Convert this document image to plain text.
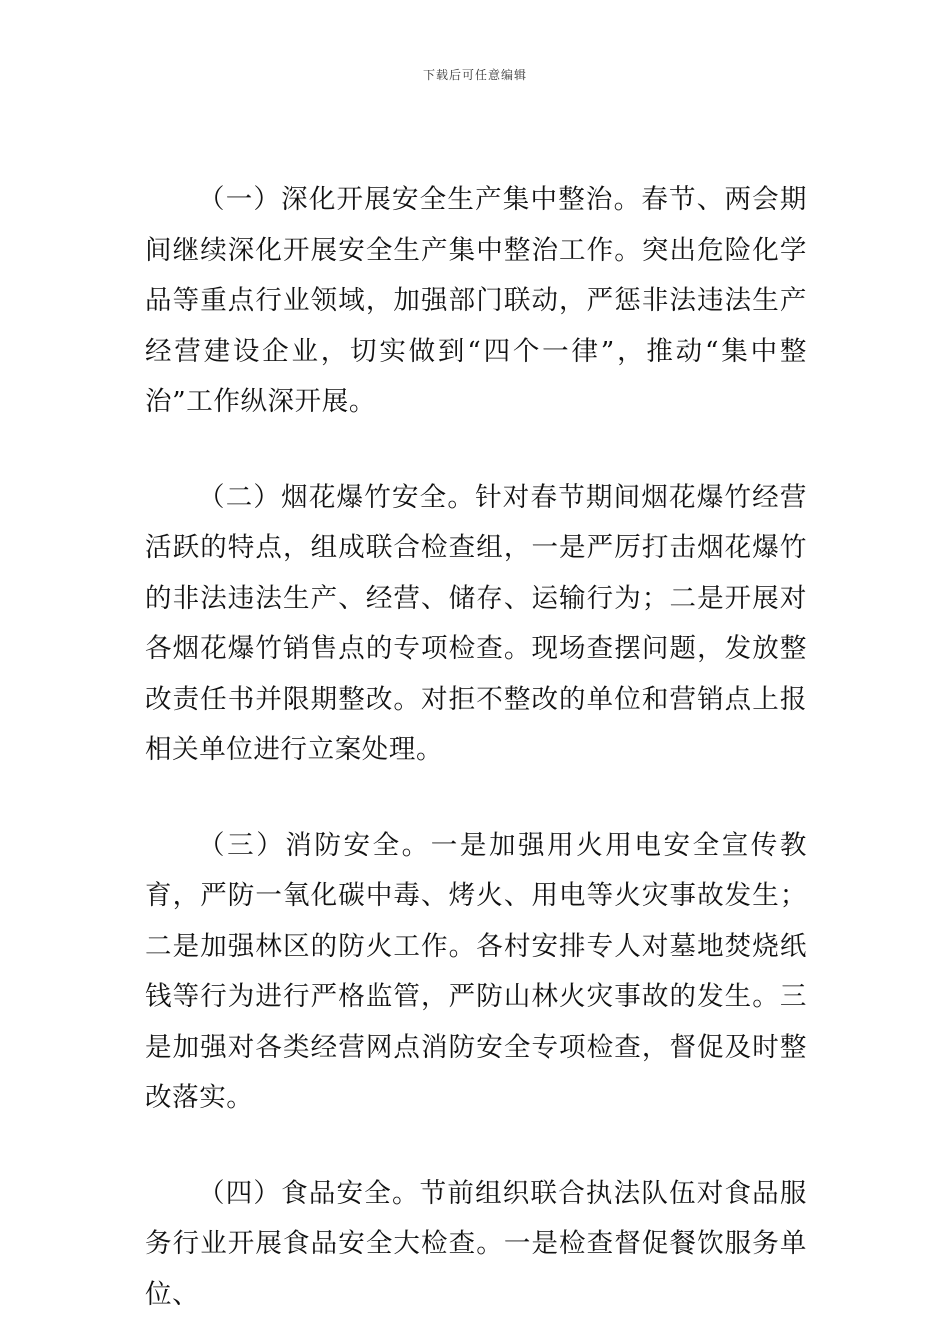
下载后可任意编辑

（一）深化开展安全生产集中整治。春节、两会期间继续深化开展安全生产集中整治工作。突出危险化学品等重点行业领域，加强部门联动，严惩非法违法生产经营建设企业，切实做到“四个一律”，推动“集中整治”工作纵深开展。

（二）烟花爆竹安全。针对春节期间烟花爆竹经营活跃的特点，组成联合检查组，一是严厉打击烟花爆竹的非法违法生产、经营、储存、运输行为；二是开展对各烟花爆竹销售点的专项检查。现场查摆问题，发放整改责任书并限期整改。对拒不整改的单位和营销点上报相关单位进行立案处理。

（三）消防安全。一是加强用火用电安全宣传教育，严防一氧化碳中毒、烤火、用电等火灾事故发生；二是加强林区的防火工作。各村安排专人对墓地焚烧纸钱等行为进行严格监管，严防山林火灾事故的发生。三是加强对各类经营网点消防安全专项检查，督促及时整改落实。

（四）食品安全。节前组织联合执法队伍对食品服务行业开展食品安全大检查。一是检查督促餐饮服务单位、
